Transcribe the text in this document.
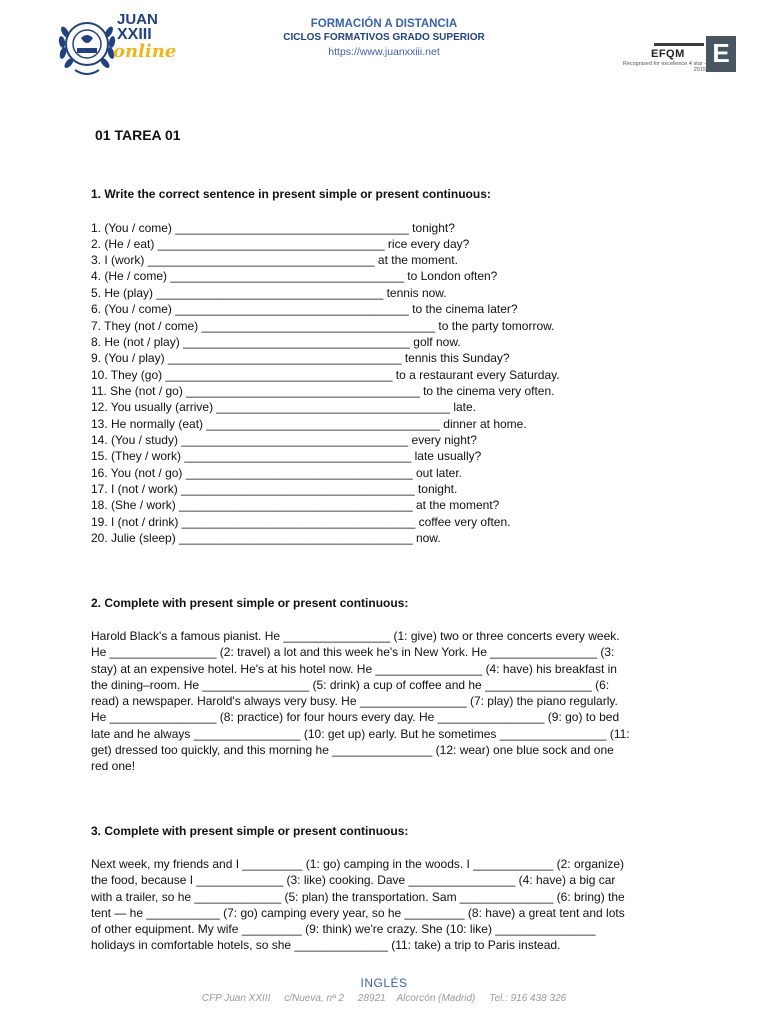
JUAN
XXIII
online
FORMACIÓN A DISTANCIA
CICLOS FORMATIVOS GRADO SUPERIOR
https://www.juanxxiii.net	EFQM
Recognised for excellence 4 star - 2015
E
01 TAREA 01
1. Write the correct sentence in present simple or present continuous:
1. (You / come) ___________________________________ tonight?
2. (He / eat) __________________________________ rice every day?
3. I (work) __________________________________ at the moment.
4. (He / come) ___________________________________ to London often?
5. He (play) __________________________________ tennis now.
6. (You / come) ___________________________________ to the cinema later?
7. They (not / come) ___________________________________ to the party tomorrow.
8. He (not / play) __________________________________ golf now.
9. (You / play) ___________________________________ tennis this Sunday?
10. They (go) __________________________________ to a restaurant every Saturday.
11. She (not / go) ___________________________________ to the cinema very often.
12. You usually (arrive) ___________________________________ late.
13. He normally (eat) ___________________________________ dinner at home.
14. (You / study) __________________________________ every night?
15. (They / work) __________________________________ late usually?
16. You (not / go) __________________________________ out later.
17. I (not / work) ___________________________________ tonight.
18. (She / work) ___________________________________ at the moment?
19. I (not / drink) ___________________________________ coffee very often.
20. Julie (sleep) ___________________________________ now.
2. Complete with present simple or present continuous:
Harold Black's a famous pianist. He ________________ (1: give) two or three concerts every week.
He ________________ (2: travel) a lot and this week he's in New York. He ________________ (3:
stay) at an expensive hotel. He's at his hotel now. He ________________ (4: have) his breakfast in
the dining–room. He ________________ (5: drink) a cup of coffee and he ________________ (6:
read) a newspaper. Harold's always very busy. He ________________ (7: play) the piano regularly.
He ________________ (8: practice) for four hours every day. He ________________ (9: go) to bed
late and he always ________________ (10: get up) early. But he sometimes ________________ (11:
get) dressed too quickly, and this morning he _______________ (12: wear) one blue sock and one
red one!
3. Complete with present simple or present continuous:
Next week, my friends and I _________ (1: go) camping in the woods. I ____________ (2: organize)
the food, because I _____________ (3: like) cooking. Dave ________________ (4: have) a big car
with a trailer, so he _____________ (5: plan) the transportation. Sam ______________ (6: bring) the
tent — he ___________ (7: go) camping every year, so he _________ (8: have) a great tent and lots
of other equipment. My wife _________ (9: think) we're crazy. She (10: like) _______________
holidays in comfortable hotels, so she ______________ (11: take) a trip to Paris instead.
INGLÉS
CFP Juan XXIII     c/Nueva, nº 2     28921    Alcorcón (Madrid)     Tel.: 916 438 326
